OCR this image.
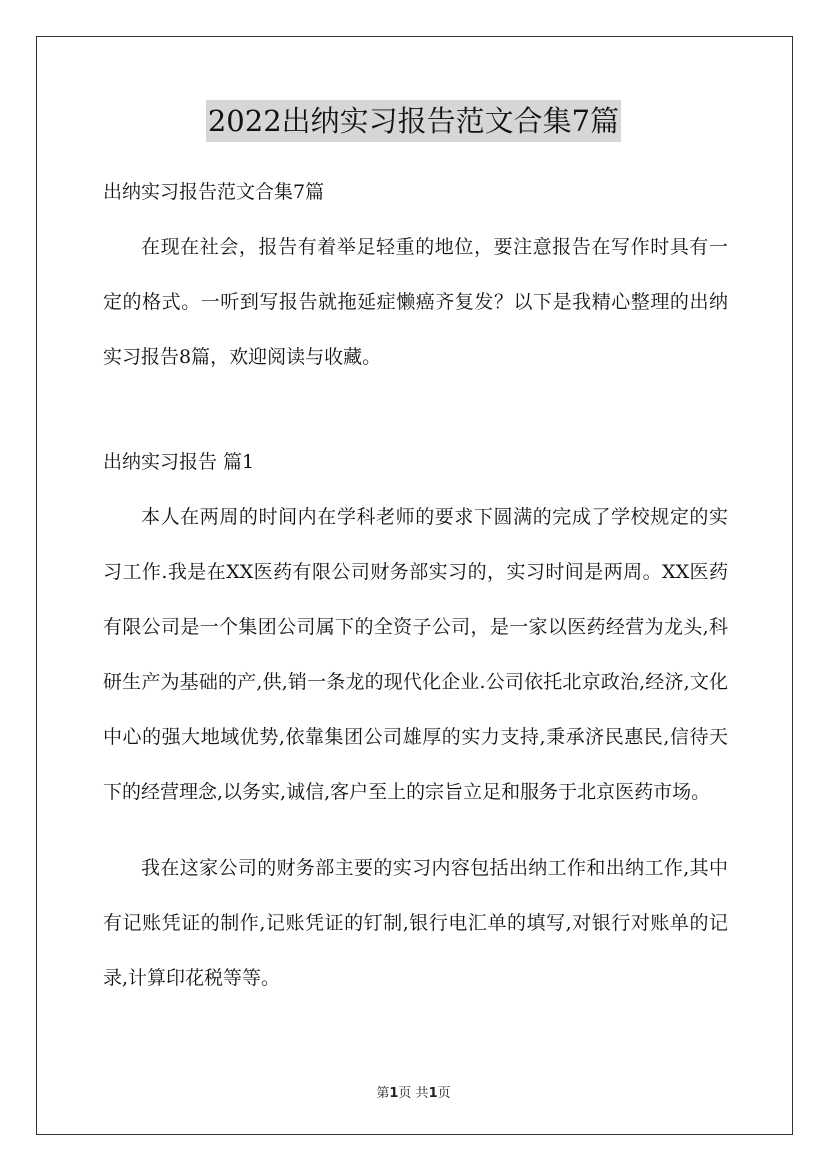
2022出纳实习报告范文合集7篇

出纳实习报告范文合集7篇

在现在社会，报告有着举足轻重的地位，要注意报告在写作时具有一定的格式。一听到写报告就拖延症懒癌齐复发？以下是我精心整理的出纳实习报告8篇，欢迎阅读与收藏。

出纳实习报告 篇1

本人在两周的时间内在学科老师的要求下圆满的完成了学校规定的实习工作.我是在XX医药有限公司财务部实习的，实习时间是两周。XX医药有限公司是一个集团公司属下的全资子公司，是一家以医药经营为龙头,科研生产为基础的产,供,销一条龙的现代化企业.公司依托北京政治,经济,文化中心的强大地域优势,依靠集团公司雄厚的实力支持,秉承济民惠民,信待天下的经营理念,以务实,诚信,客户至上的宗旨立足和服务于北京医药市场。

我在这家公司的财务部主要的实习内容包括出纳工作和出纳工作,其中有记账凭证的制作,记账凭证的钉制,银行电汇单的填写,对银行对账单的记录,计算印花税等等。

第1页 共1页
